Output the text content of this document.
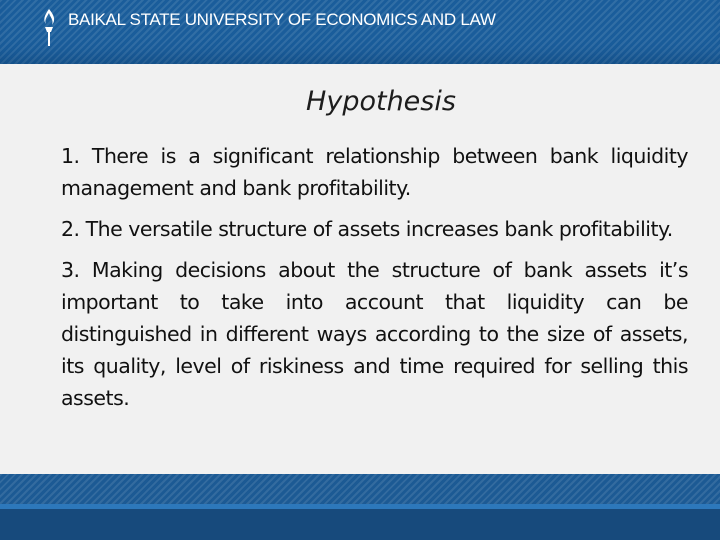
BAIKAL STATE UNIVERSITY OF ECONOMICS AND LAW
Hypothesis

1. There is a significant relationship between bank liquidity management and bank profitability.

2. The versatile structure of assets increases bank profitability.

3. Making decisions about the structure of bank assets it’s important to take into account that liquidity can be distinguished in different ways according to the size of assets, its quality, level of riskiness and time required for selling this assets.
